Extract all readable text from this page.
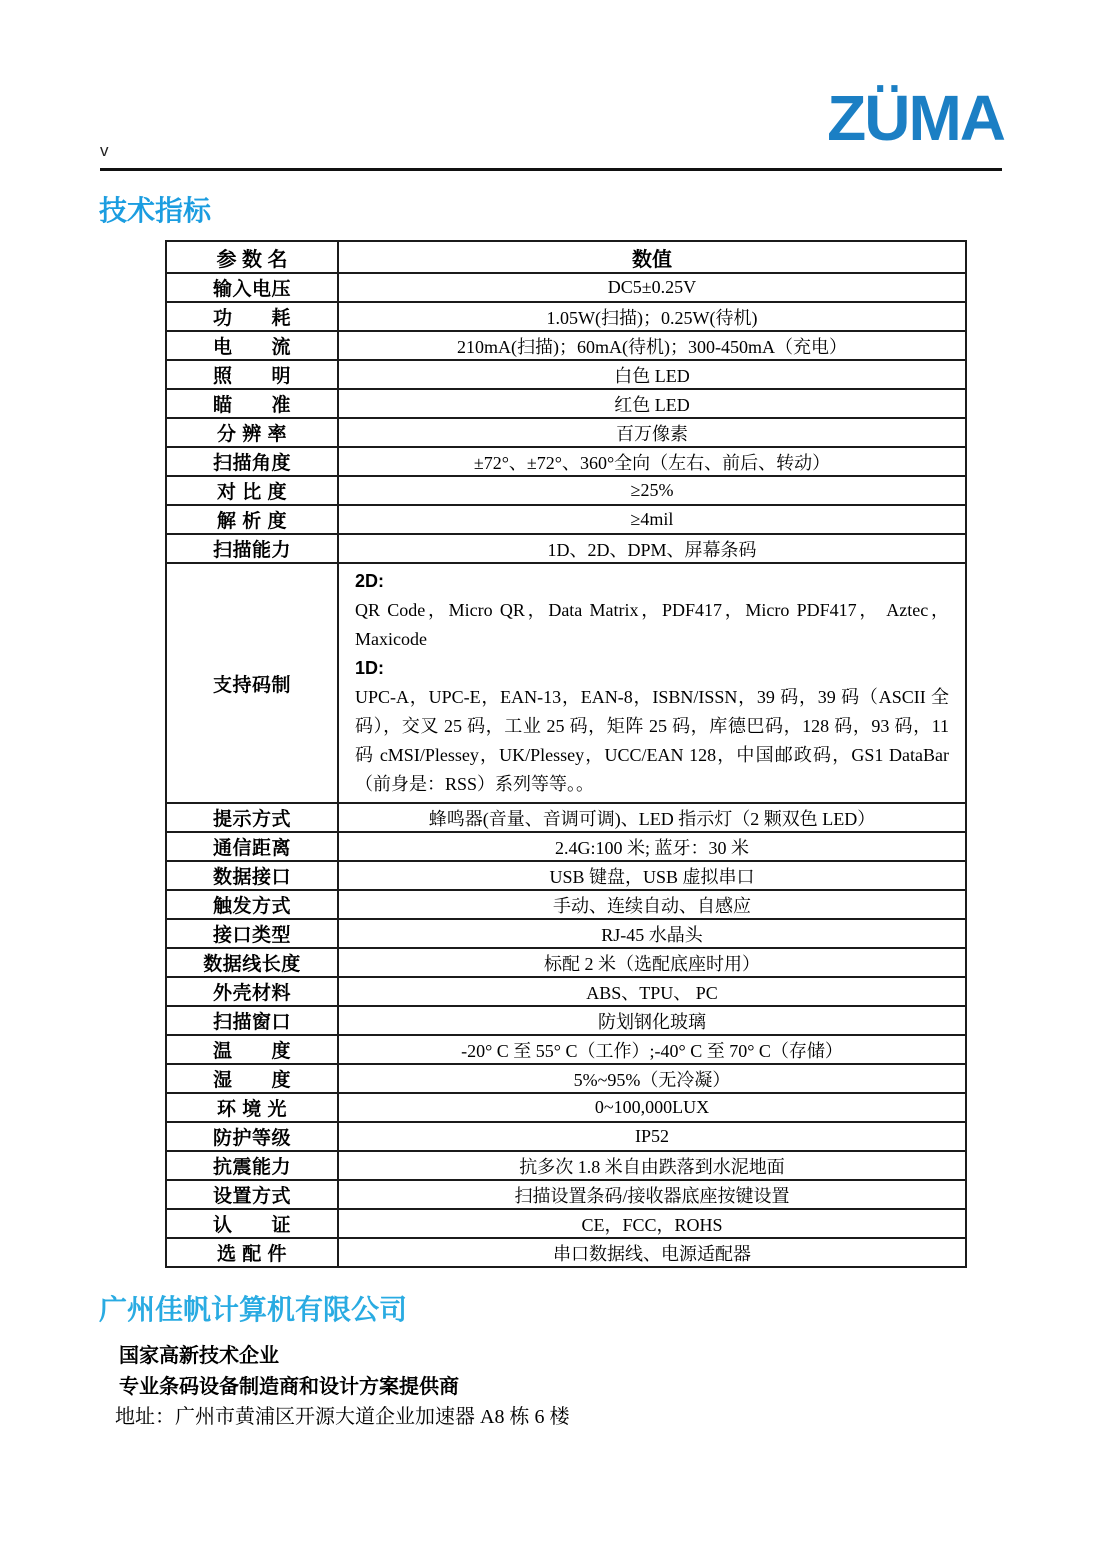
ZÜMA
v
技术指标
参 数 名	数值
输入电压	DC5±0.25V
功　　耗	1.05W(扫描)；0.25W(待机)
电　　流	210mA(扫描)；60mA(待机)；300-450mA（充电）
照　　明	白色 LED
瞄　　准	红色 LED
分 辨 率	百万像素
扫描角度	±72°、±72°、360°全向（左右、前后、转动）
对 比 度	≥25%
解 析 度	≥4mil
扫描能力	1D、2D、DPM、屏幕条码
支持码制	2D:
QR Code，Micro QR，Data Matrix，PDF417，Micro PDF417， Aztec，Maxicode
1D:
UPC-A，UPC-E，EAN-13，EAN-8，ISBN/ISSN，39 码，39 码（ASCII 全码），交叉 25 码，工业 25 码，矩阵 25 码，库德巴码，128 码，93 码，11 码 cMSI/Plessey，UK/Plessey，UCC/EAN 128，中国邮政码，GS1 DataBar（前身是：RSS）系列等等。。

提示方式	蜂鸣器(音量、音调可调)、LED 指示灯（2 颗双色 LED）
通信距离	2.4G:100 米; 蓝牙：30 米
数据接口	USB 键盘，USB 虚拟串口
触发方式	手动、连续自动、自感应
接口类型	RJ-45 水晶头
数据线长度	标配 2 米（选配底座时用）
外壳材料	ABS、TPU、 PC
扫描窗口	防划钢化玻璃
温　　度	-20° C 至 55° C（工作）;-40° C 至 70° C（存储）
湿　　度	5%~95%（无冷凝）
环 境 光	0~100,000LUX
防护等级	IP52
抗震能力	抗多次 1.8 米自由跌落到水泥地面
设置方式	扫描设置条码/接收器底座按键设置
认　　证	CE，FCC，ROHS
选 配 件	串口数据线、电源适配器
广州佳帆计算机有限公司
国家高新技术企业
专业条码设备制造商和设计方案提供商
地址：广州市黄浦区开源大道企业加速器 A8 栋 6 楼
